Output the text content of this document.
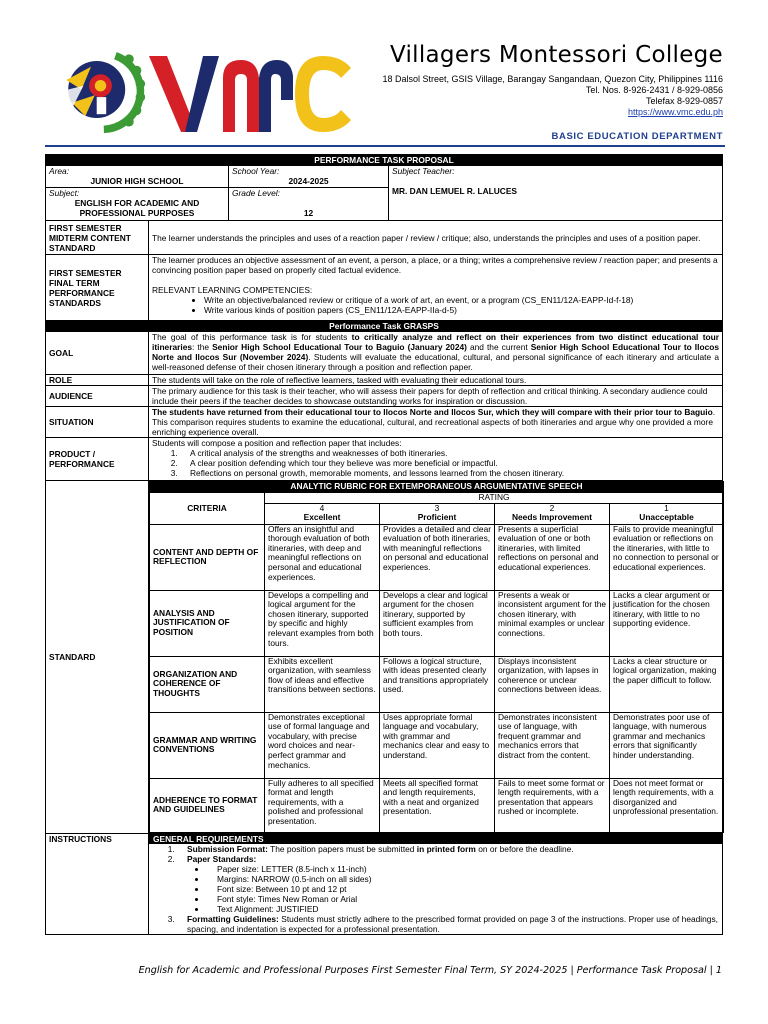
Villagers Montessori College
18 Dalsol Street, GSIS Village, Barangay Sangandaan, Quezon City, Philippines 1116
Tel. Nos. 8-926-2431 / 8-929-0856
Telefax 8-929-0857
https://www.vmc.edu.ph
BASIC EDUCATION DEPARTMENT
PERFORMANCE TASK PROPOSAL

Area:
JUNIOR HIGH SCHOOL

School Year:
2024-2025

Subject Teacher:
MR. DAN LEMUEL R. LALUCES

Subject:
ENGLISH FOR ACADEMIC AND PROFESSIONAL PURPOSES

Grade Level:
12

FIRST SEMESTER MIDTERM CONTENT STANDARD	The learner understands the principles and uses of a reaction paper / review / critique; also, understands the principles and uses of a position paper.
FIRST SEMESTER FINAL TERM PERFORMANCE STANDARDS	
The learner produces an objective assessment of an event, a person, a place, or a thing; writes a comprehensive review / reaction paper; and presents a convincing position paper based on properly cited factual evidence.
RELEVANT LEARNING COMPETENCIES:
• Write an objective/balanced review or critique of a work of art, an event, or a program (CS_EN11/12A-EAPP-Id-f-18)
• Write various kinds of position papers (CS_EN11/12A-EAPP-IIa-d-5)

Performance Task GRASPS
GOAL	The goal of this performance task is for students to critically analyze and reflect on their experiences from two distinct educational tour itineraries: the Senior High School Educational Tour to Baguio (January 2024) and the current Senior High School Educational Tour to Ilocos Norte and Ilocos Sur (November 2024). Students will evaluate the educational, cultural, and personal significance of each itinerary and articulate a well-reasoned defense of their chosen itinerary through a position and reflection paper.
ROLE	The students will take on the role of reflective learners, tasked with evaluating their educational tours.
AUDIENCE	The primary audience for this task is their teacher, who will assess their papers for depth of reflection and critical thinking. A secondary audience could include their peers if the teacher decides to showcase outstanding works for inspiration or discussion.
SITUATION	The students have returned from their educational tour to Ilocos Norte and Ilocos Sur, which they will compare with their prior tour to Baguio. This comparison requires students to examine the educational, cultural, and recreational aspects of both itineraries and argue why one provided a more enriching experience overall.
PRODUCT / PERFORMANCE	
Students will compose a position and reflection paper that includes:
1. A critical analysis of the strengths and weaknesses of both itineraries.
2. A clear position defending which tour they believe was more beneficial or impactful.
3. Reflections on personal growth, memorable moments, and lessons learned from the chosen itinerary.

STANDARD	
ANALYTIC RUBRIC FOR EXTEMPORANEOUS ARGUMENTATIVE SPEECH
CRITERIA	RATING

4
Excellent

3
Proficient

2
Needs Improvement

1
Unacceptable

CONTENT AND DEPTH OF REFLECTION	Offers an insightful and thorough evaluation of both itineraries, with deep and meaningful reflections on personal and educational experiences.	Provides a detailed and clear evaluation of both itineraries, with meaningful reflections on personal and educational experiences.	Presents a superficial evaluation of one or both itineraries, with limited reflections on personal and educational experiences.	Fails to provide meaningful evaluation or reflections on the itineraries, with little to no connection to personal or educational experiences.
ANALYSIS AND JUSTIFICATION OF POSITION	Develops a compelling and logical argument for the chosen itinerary, supported by specific and highly relevant examples from both tours.	Develops a clear and logical argument for the chosen itinerary, supported by sufficient examples from both tours.	Presents a weak or inconsistent argument for the chosen itinerary, with minimal examples or unclear connections.	Lacks a clear argument or justification for the chosen itinerary, with little to no supporting evidence.
ORGANIZATION AND COHERENCE OF THOUGHTS	Exhibits excellent organization, with seamless flow of ideas and effective transitions between sections.	Follows a logical structure, with ideas presented clearly and transitions appropriately used.	Displays inconsistent organization, with lapses in coherence or unclear connections between ideas.	Lacks a clear structure or logical organization, making the paper difficult to follow.
GRAMMAR AND WRITING CONVENTIONS	Demonstrates exceptional use of formal language and vocabulary, with precise word choices and near-perfect grammar and mechanics.	Uses appropriate formal language and vocabulary, with grammar and mechanics clear and easy to understand.	Demonstrates inconsistent use of language, with frequent grammar and mechanics errors that distract from the content.	Demonstrates poor use of language, with numerous grammar and mechanics errors that significantly hinder understanding.
ADHERENCE TO FORMAT AND GUIDELINES	Fully adheres to all specified format and length requirements, with a polished and professional presentation.	Meets all specified format and length requirements, with a neat and organized presentation.	Fails to meet some format or length requirements, with a presentation that appears rushed or incomplete.	Does not meet format or length requirements, with a disorganized and unprofessional presentation.

INSTRUCTIONS	GENERAL REQUIREMENTS
1. Submission Format: The position papers must be submitted in printed form on or before the deadline.
2. Paper Standards:
• Paper size: LETTER (8.5-inch x 11-inch)
• Margins: NARROW (0.5-inch on all sides)
• Font size: Between 10 pt and 12 pt
• Font style: Times New Roman or Arial
• Text Alignment: JUSTIFIED
3. Formatting Guidelines: Students must strictly adhere to the prescribed format provided on page 3 of the instructions. Proper use of headings, spacing, and indentation is expected for a professional presentation.
English for Academic and Professional Purposes First Semester Final Term, SY 2024-2025 | Performance Task Proposal | 1
